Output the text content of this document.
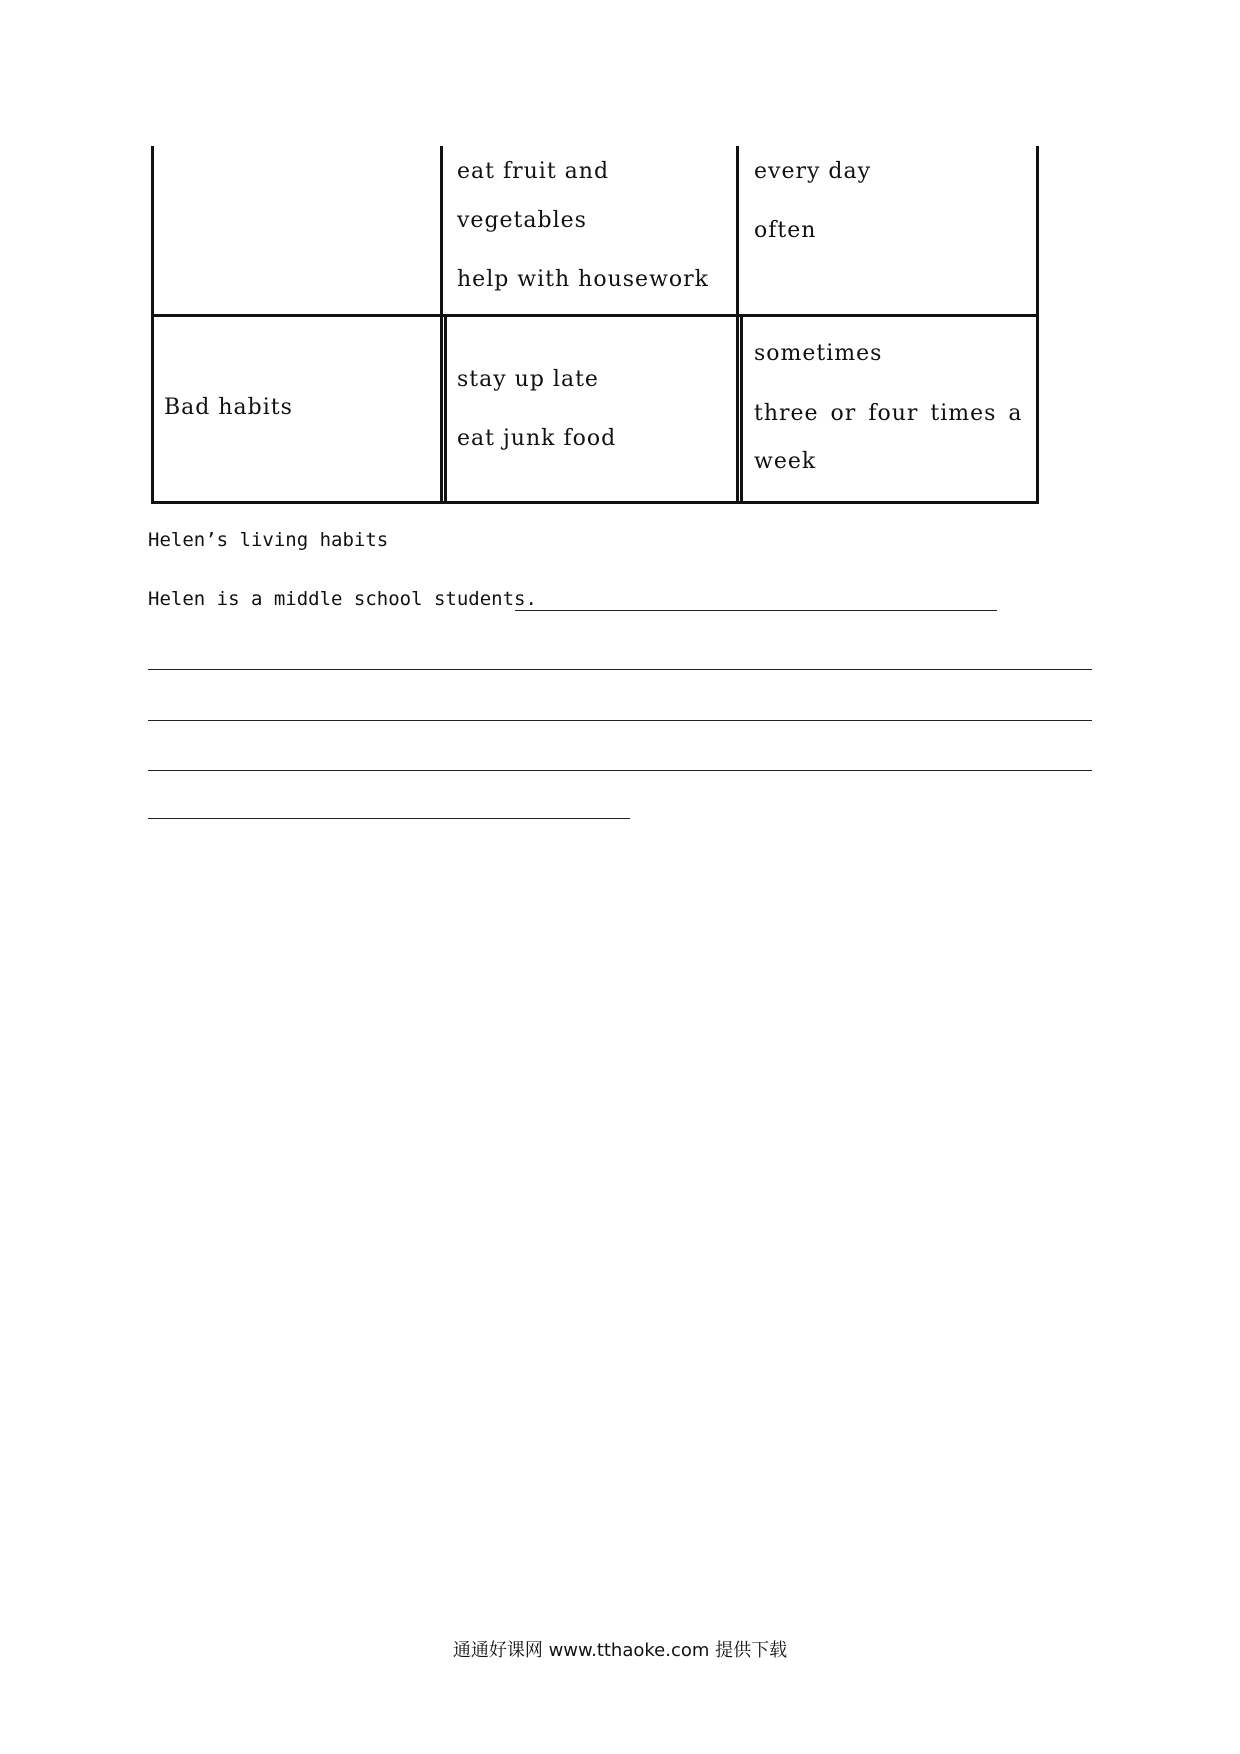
eat fruit and
vegetables
help with housework
every day
often
Bad habits
stay up late
eat junk food
sometimes
three or four times a
week
Helen’s living habits
Helen is a middle school students.
通通好课网 www.tthaoke.com 提供下载
